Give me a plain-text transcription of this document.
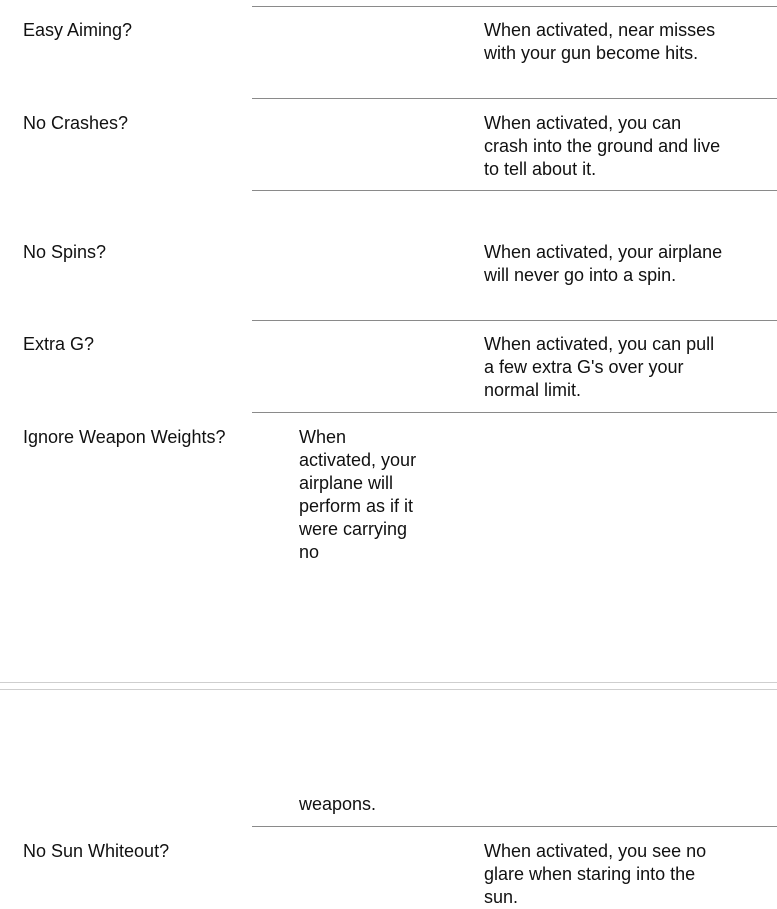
Easy Aiming?	When activated, near misses with your gun become hits.
No Crashes?	When activated, you can crash into the ground and live to tell about it.
No Spins?	When activated, your airplane will never go into a spin.
Extra G?	When activated, you can pull a few extra G's over your normal limit.
Ignore Weapon Weights?	When activated, your airplane will perform as if it were carrying no
weapons.
No Sun Whiteout?	When activated, you see no glare when staring into the sun.
